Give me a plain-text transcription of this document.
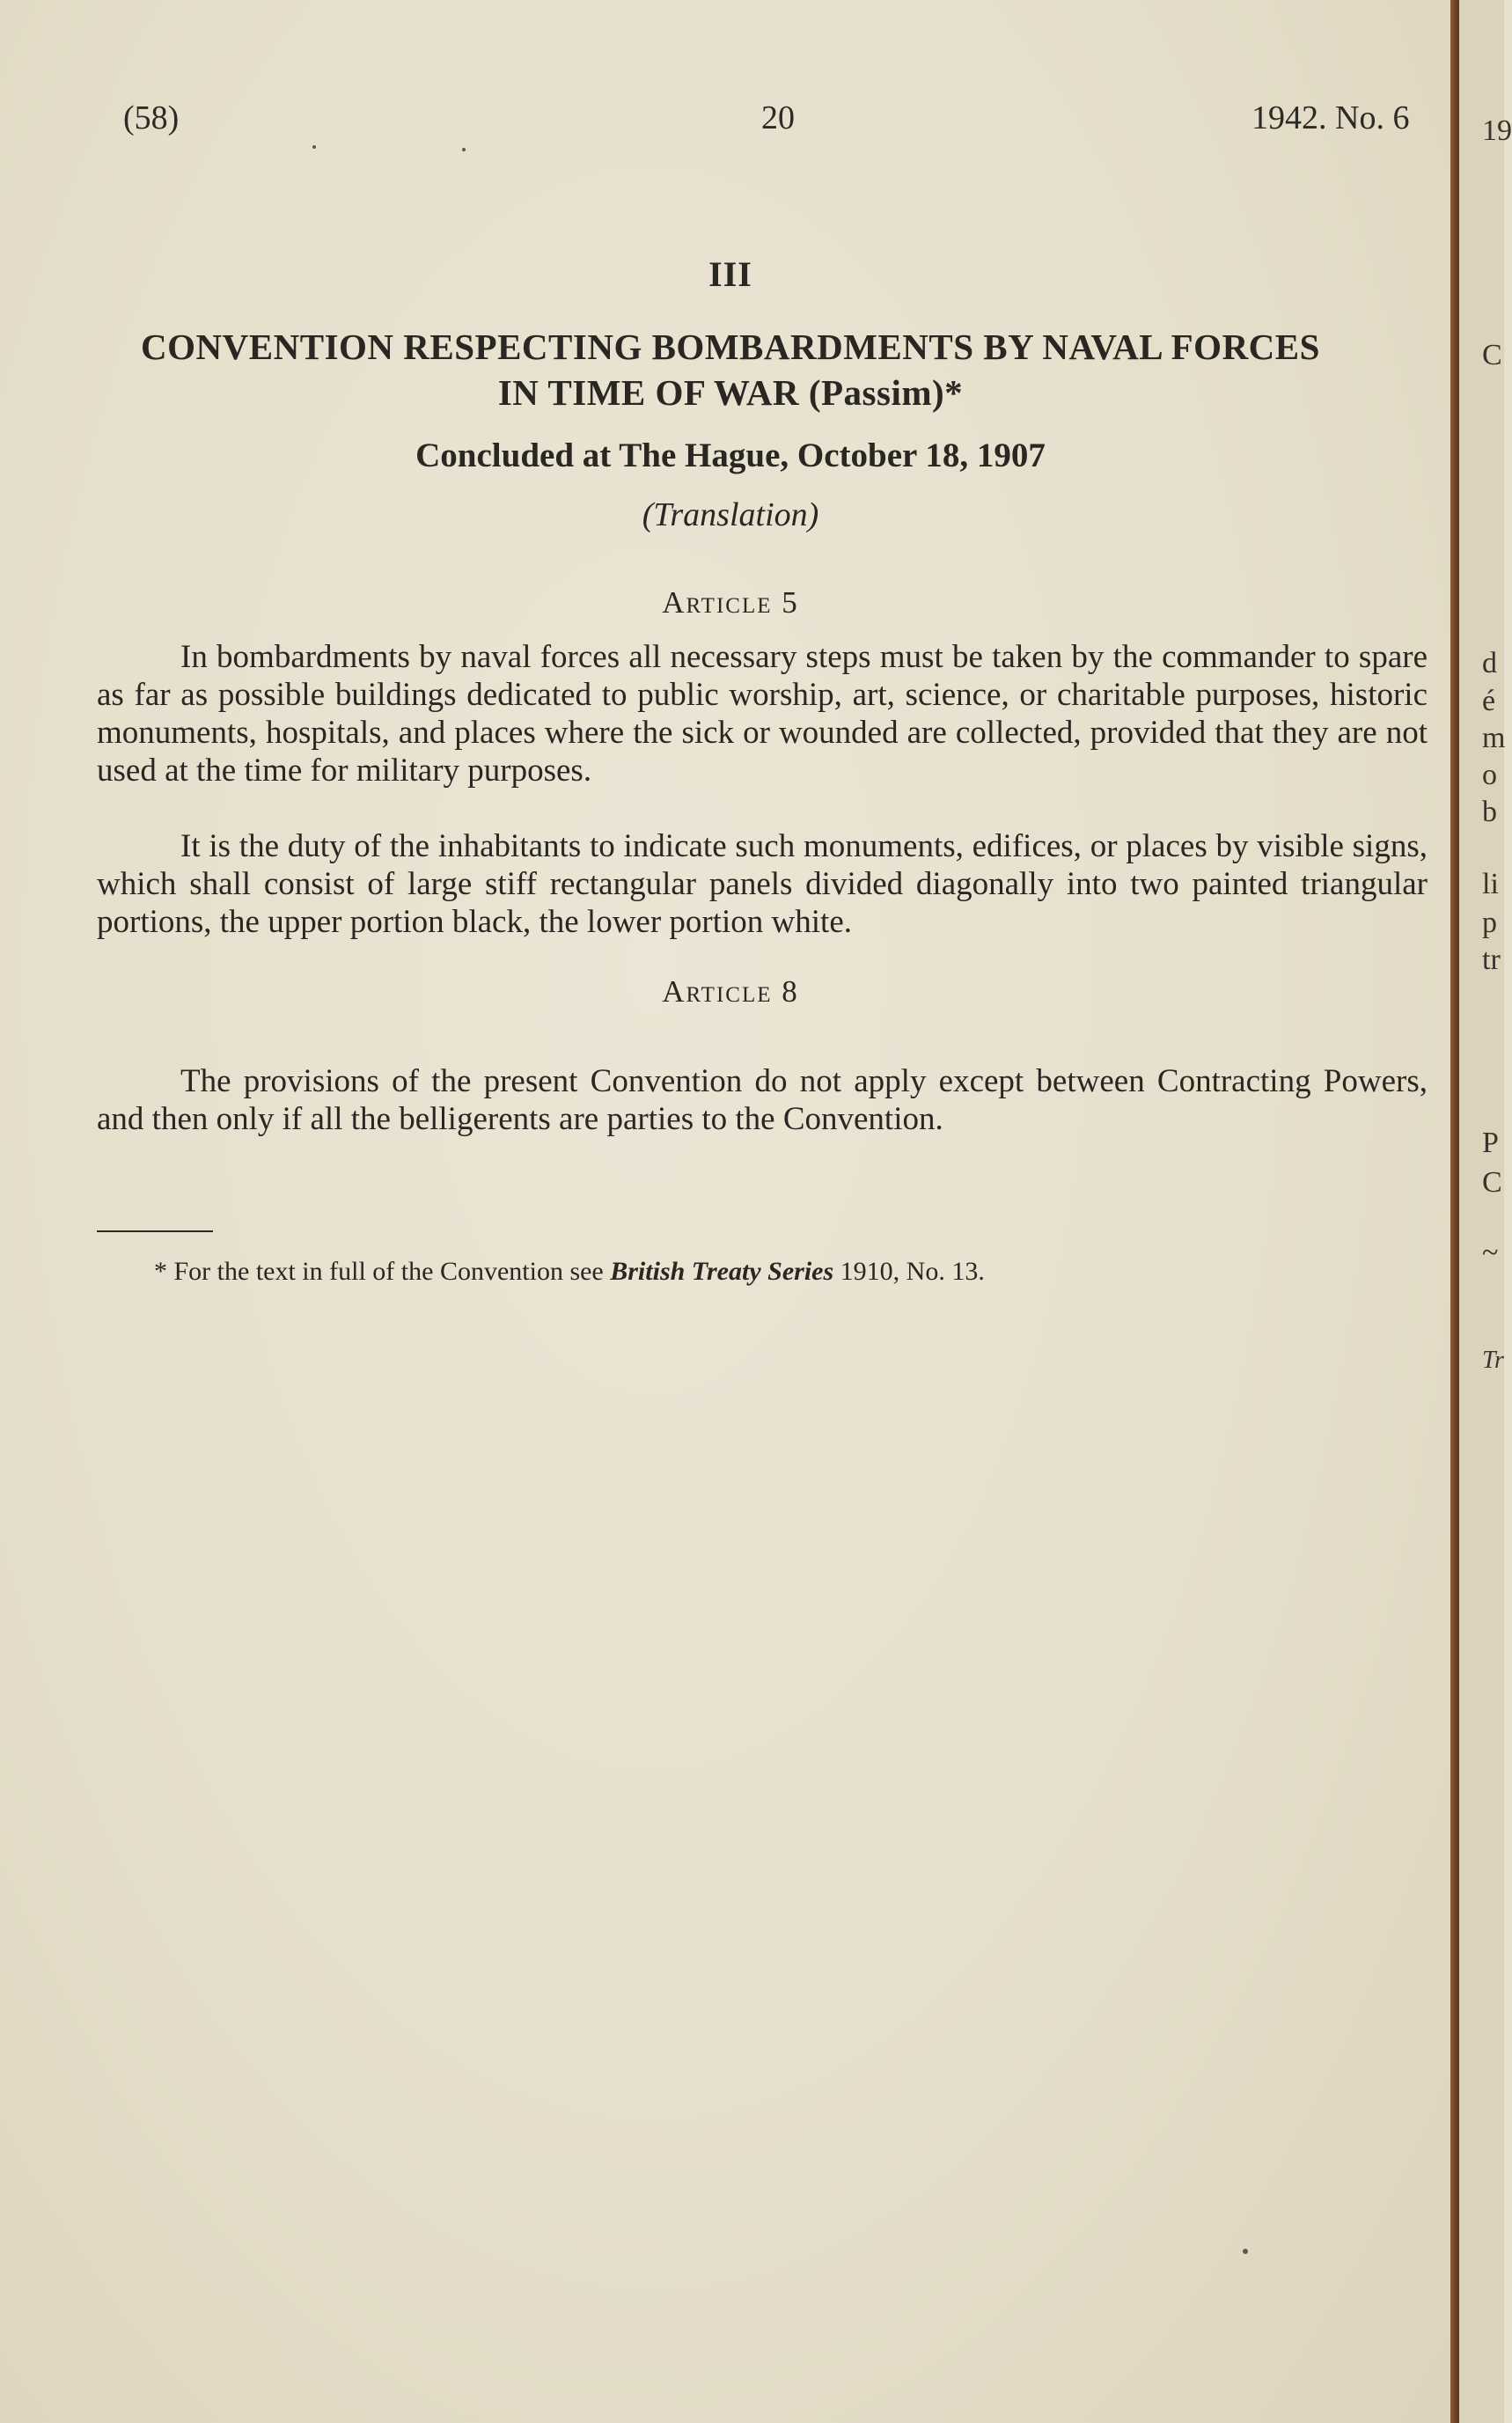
(58)	20	1942. No. 6
III
CONVENTION RESPECTING BOMBARDMENTS BY NAVAL FORCES
IN TIME OF WAR (Passim)*
Concluded at The Hague, October 18, 1907
(Translation)
Article 5

In bombardments by naval forces all necessary steps must be taken by the commander to spare as far as possible buildings dedicated to public worship, art, science, or charitable purposes, historic monuments, hospitals, and places where the sick or wounded are collected, provided that they are not used at the time for military purposes.

It is the duty of the inhabitants to indicate such monuments, edifices, or places by visible signs, which shall consist of large stiff rectangular panels divided diagonally into two painted triangular portions, the upper portion black, the lower portion white.

Article 8

The provisions of the present Convention do not apply except between Contracting Powers, and then only if all the belligerents are parties to the Convention.

* For the text in full of the Convention see British Treaty Series 1910, No. 13.

19
C
d
é
m
o
b
li
p
tr
P
C
~
Tr
